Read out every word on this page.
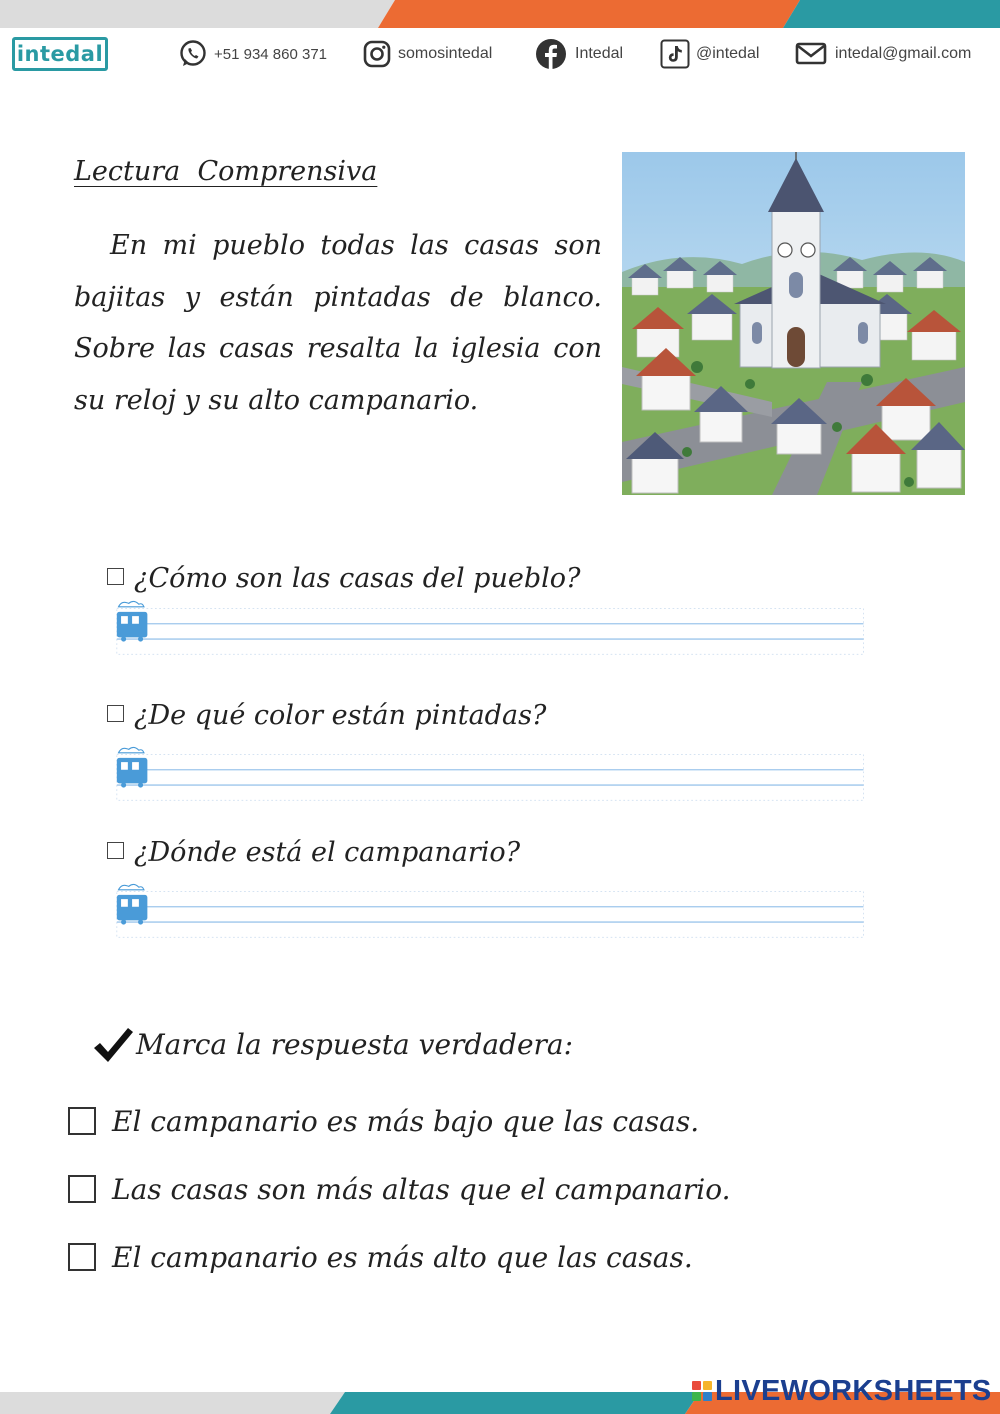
intedal	+51 934 860 371	somosintedal	Intedal	@intedal	intedal@gmail.com
Lectura  Comprensiva

En mi pueblo todas las casas son bajitas y están pintadas de blanco. Sobre las casas resalta la iglesia con su reloj y su alto campanario.

¿Cómo son las casas del pueblo?
¿De qué color están pintadas?
¿Dónde está el campanario?
Marca la respuesta verdadera:
El campanario es más bajo que las casas.
Las casas son más altas que el campanario.
El campanario es más alto que las casas.
LIVEWORKSHEETS
